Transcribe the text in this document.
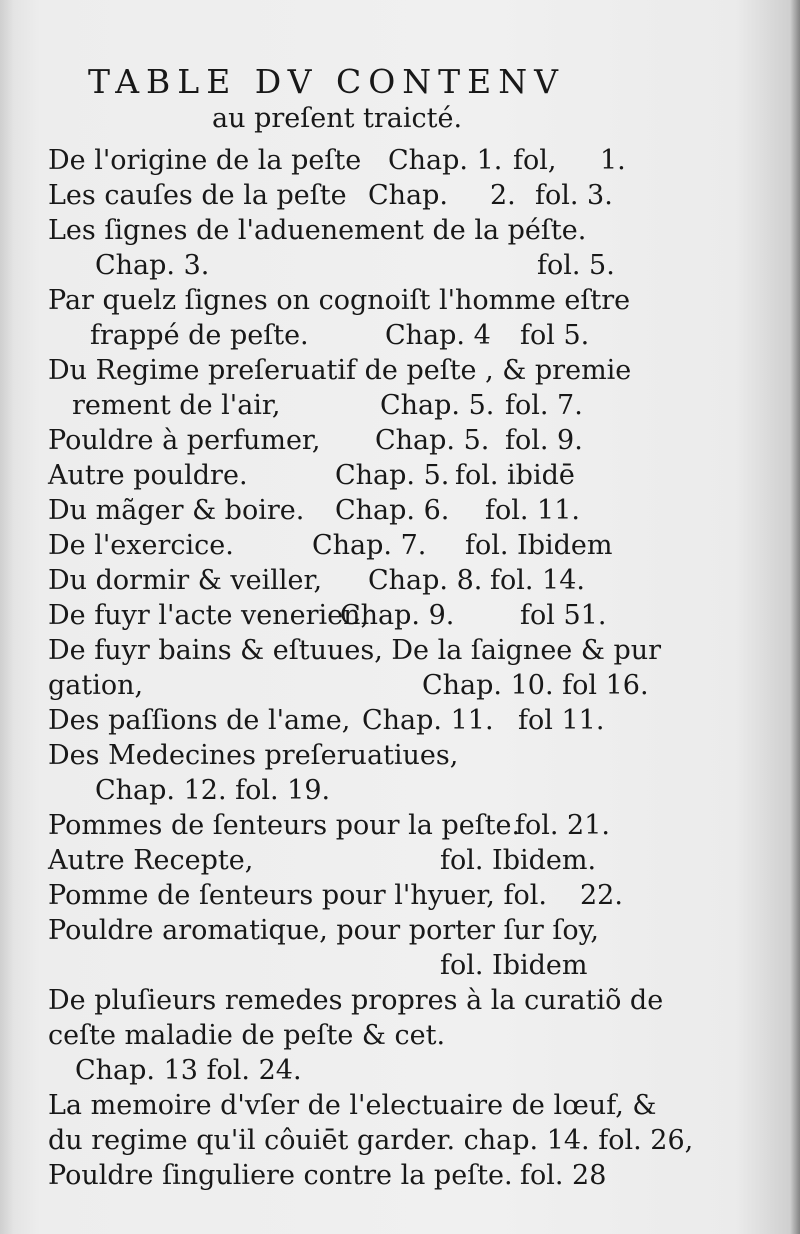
TABLE DV CONTENV
au preſent traicté.
De l'origine de la peſte Chap. 1. fol, 1.
Les cauſes de la peſte Chap. 2. fol. 3.
Les ſignes de l'aduenement de la péſte.
Chap. 3.	fol. 5.
Par quelz ſignes on cognoiſt l'homme eſtre
frappé de peſte.	Chap. 4 fol 5.
Du Regime preſeruatif de peſte , & premie
rement de l'air,	Chap. 5. fol. 7.
Pouldre à perfumer, Chap. 5. fol. 9.
Autre pouldre.	Chap. 5. fol. ibidē
Du mãger & boire. Chap. 6. fol. 11.
De l'exercice.	Chap. 7. fol. Ibidem
Du dormir & veiller, Chap. 8. fol. 14.
De fuyr l'acte venerien,
Chap. 9. fol 51.
De fuyr bains & eſtuues, De la ſaignee & pur
gation,	Chap. 10. fol 16.
Des paſſions de l'ame, Chap. 11. fol 11.
Des Medecines preſeruatiues,
Chap. 12. fol. 19.
Pommes de ſenteurs pour la peſte.
fol. 21.
Autre Recepte,	fol. Ibidem.
Pomme de ſenteurs pour l'hyuer, fol. 22.
Pouldre aromatique, pour porter ſur ſoy,
fol. Ibidem
De pluſieurs remedes propres à la curatiõ de
ceſte maladie de peſte & cet.
Chap. 13 fol. 24.
La memoire d'vſer de l'electuaire de lœuf, &
du regime qu'il côuiēt garder. chap. 14. fol. 26,
Pouldre ſinguliere contre la peſte. fol. 28
